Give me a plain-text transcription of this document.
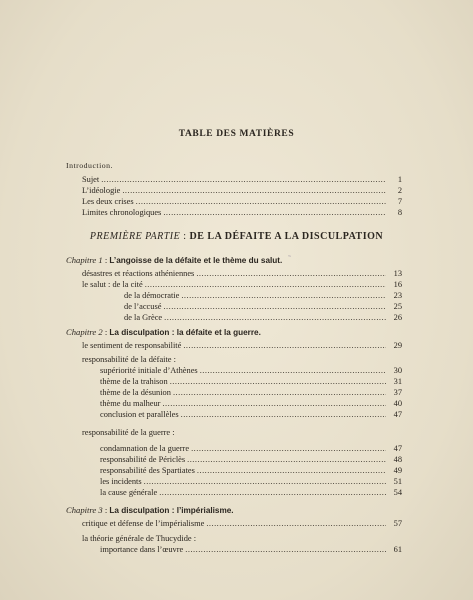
TABLE DES MATIÈRES
Introduction.
Sujet . . .	1
L’idéologie . . .	2
Les deux crises . . .	7
Limites chronologiques . . .	8
PREMIÈRE PARTIE : DE LA DÉFAITE A LA DISCULPATION
Chapitre 1 : L’angoisse de la défaite et le thème du salut. ~
désastres et réactions athéniennes . . .	13
le salut : de la cité . . .	16
de la démocratie . . .	23
de l’accusé . . .	25
de la Grèce . . .	26
Chapitre 2 : La disculpation : la défaite et la guerre.
le sentiment de responsabilité . . .	29
responsabilité de la défaite :
supériorité initiale d’Athènes . . .	30
thème de la trahison . . .	31
thème de la désunion . . .	37
thème du malheur . . .	40
conclusion et parallèles . . .	47
responsabilité de la guerre :
condamnation de la guerre . . .	47
responsabilité de Périclès . . .	48
responsabilité des Spartiates . . .	49
les incidents . . .	51
la cause générale . . .	54
Chapitre 3 : La disculpation : l’impérialisme.
critique et défense de l’impérialisme . . .	57
la théorie générale de Thucydide :
importance dans l’œuvre . . .	61
